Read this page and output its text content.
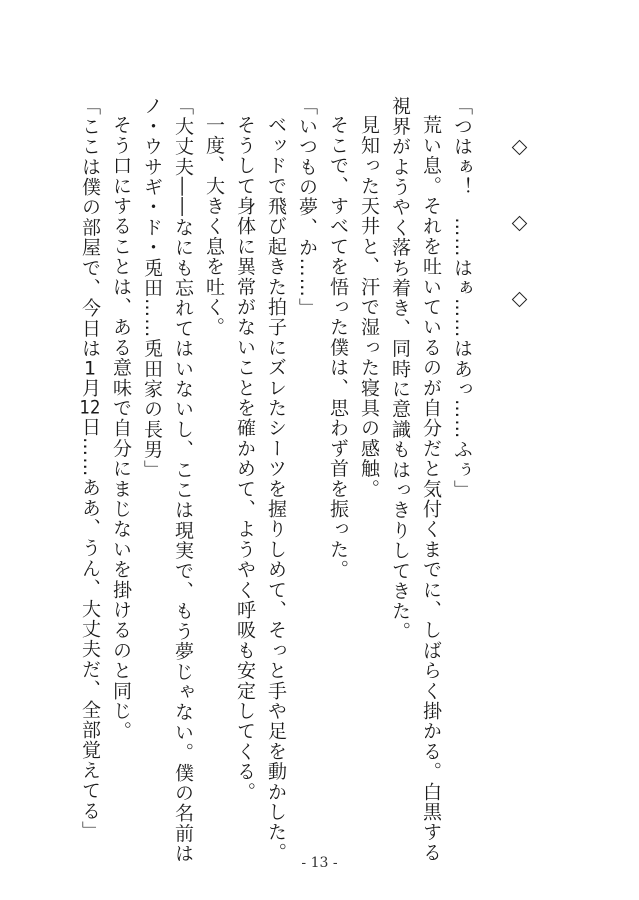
「つはぁ！　……はぁ……はあっ……ふぅ」
荒い息。それを吐いているのが自分だと気付くまでに、しばらく掛かる。白黒する
視界がようやく落ち着き、同時に意識もはっきりしてきた。
見知った天井と、汗で湿った寝具の感触。
そこで、すべてを悟った僕は、思わず首を振った。
「いつもの夢、か……」
ベッドで飛び起きた拍子にズレたシーツを握りしめて、そっと手や足を動かした。
そうして身体に異常がないことを確かめて、ようやく呼吸も安定してくる。
一度、大きく息を吐く。
「大丈夫――なにも忘れてはいないし、ここは現実で、もう夢じゃない。僕の名前は
ノ・ウサギ・ド・兎田……兎田家の長男」
そう口にすることは、ある意味で自分にまじないを掛けるのと同じ。
「ここは僕の部屋で、今日は1月12日……ああ、うん、大丈夫だ、全部覚えてる」
- 13 -
